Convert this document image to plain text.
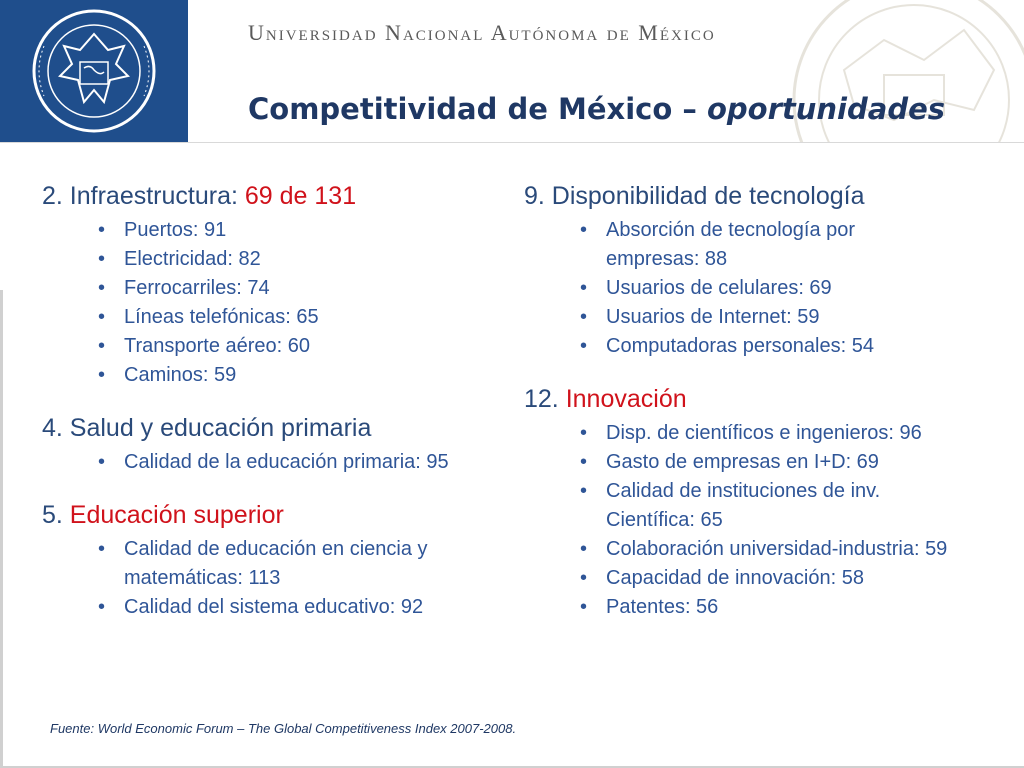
Universidad Nacional Autónoma de México
Competitividad de México – oportunidades
2. Infraestructura: 69 de 131
• Puertos: 91
• Electricidad: 82
• Ferrocarriles: 74
• Líneas telefónicas: 65
• Transporte aéreo: 60
• Caminos: 59
4. Salud y educación primaria
• Calidad de la educación primaria: 95
5. Educación superior
• Calidad de educación en ciencia y matemáticas: 113
• Calidad del sistema educativo: 92
9. Disponibilidad de tecnología
• Absorción de tecnología por empresas: 88
• Usuarios de celulares: 69
• Usuarios de Internet: 59
• Computadoras personales: 54
12. Innovación
• Disp. de científicos e ingenieros: 96
• Gasto de empresas en I+D: 69
• Calidad de instituciones de inv. Científica: 65
• Colaboración universidad-industria: 59
• Capacidad de innovación: 58
• Patentes: 56
Fuente: World Economic Forum – The Global Competitiveness Index 2007-2008.
